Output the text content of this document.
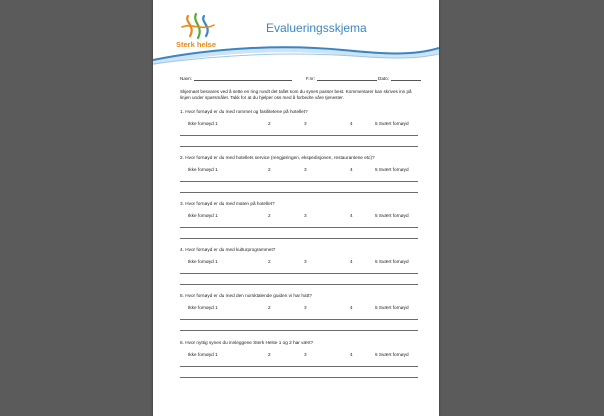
Sterk helse
Evalueringsskjema
Navn:	F.nr:	Dato:
Skjemaet besvares ved å sette en ring rundt det tallet som du synes passer best. Kommentarer kan skrives inn på linjen under spørsmålet. Takk for at du hjelper oss med å forbedre våre tjenester.
1. Hvor fornøyd er du med rommet og fasilitetene på hotellet?
Ikke fornøyd 1	2	3	4	5 Svært fornøyd
2. Hvor fornøyd er du med hotellets service (rengjøringen, ekspedisjonen, restaurantene etc)?
Ikke fornøyd 1	2	3	4	5 Svært fornøyd
3. Hvor fornøyd er du med maten på hotellet?
Ikke fornøyd 1	2	3	4	5 Svært fornøyd
4. Hvor fornøyd er du med kulturprogrammet?
Ikke fornøyd 1	2	3	4	5 Svært fornøyd
5. Hvor fornøyd er du med den norsktalende guiden vi har hatt?
Ikke fornøyd 1	2	3	4	5 Svært fornøyd
6. Hvor nyttig synes du innleggene Sterk Helse 1 og 2 har vært?
Ikke fornøyd 1	2	3	4	5 Svært fornøyd
